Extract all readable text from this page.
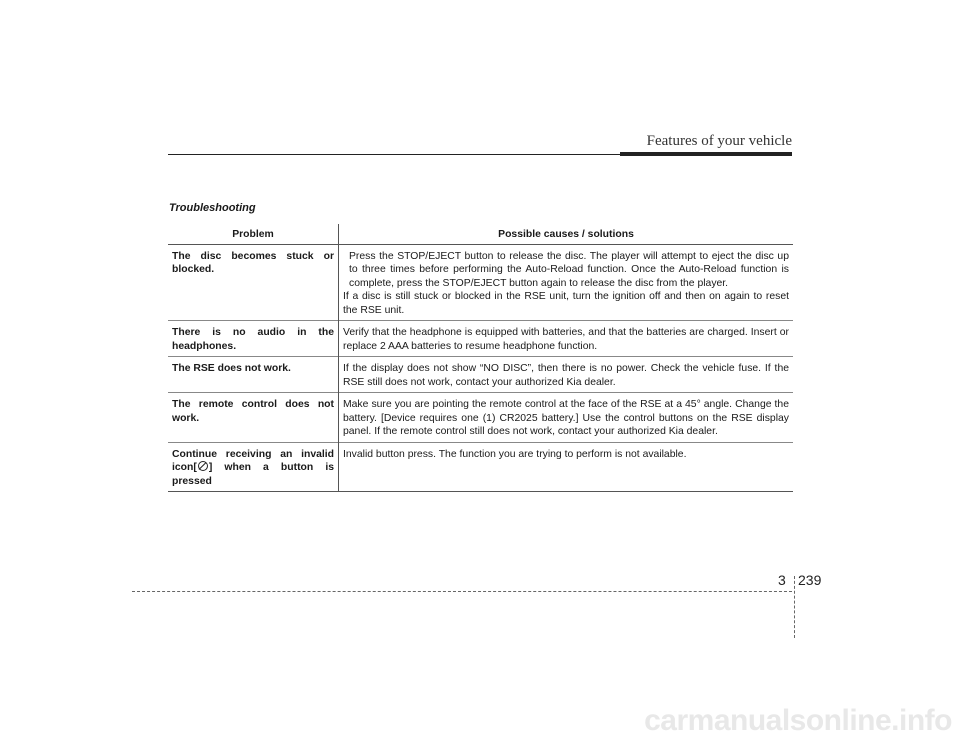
Features of your vehicle
Troubleshooting
Problem	Possible causes / solutions
The disc becomes stuck or blocked.	Press the STOP/EJECT button to release the disc. The player will attempt to eject the disc up to three times before performing the Auto-Reload function. Once the Auto-Reload function is complete, press the STOP/EJECT button again to release the disc from the player.
If a disc is still stuck or blocked in the RSE unit, turn the ignition off and then on again to reset the RSE unit.

There is no audio in the headphones.	Verify that the headphone is equipped with batteries, and that the batteries are charged. Insert or replace 2 AAA batteries to resume headphone function.

The RSE does not work.	If the display does not show “NO DISC”, then there is no power. Check the vehicle fuse. If the RSE still does not work, contact your authorized Kia dealer.

The remote control does not work.	Make sure you are pointing the remote control at the face of the RSE at a 45° angle. Change the battery. [Device requires one (1) CR2025 battery.] Use the control buttons on the RSE display panel. If the remote control still does not work, contact your authorized Kia dealer.

Continue receiving an invalid icon[ ] when a button is pressed	Invalid button press. The function you are trying to perform is not available.
3 239
carmanualsonline.info
